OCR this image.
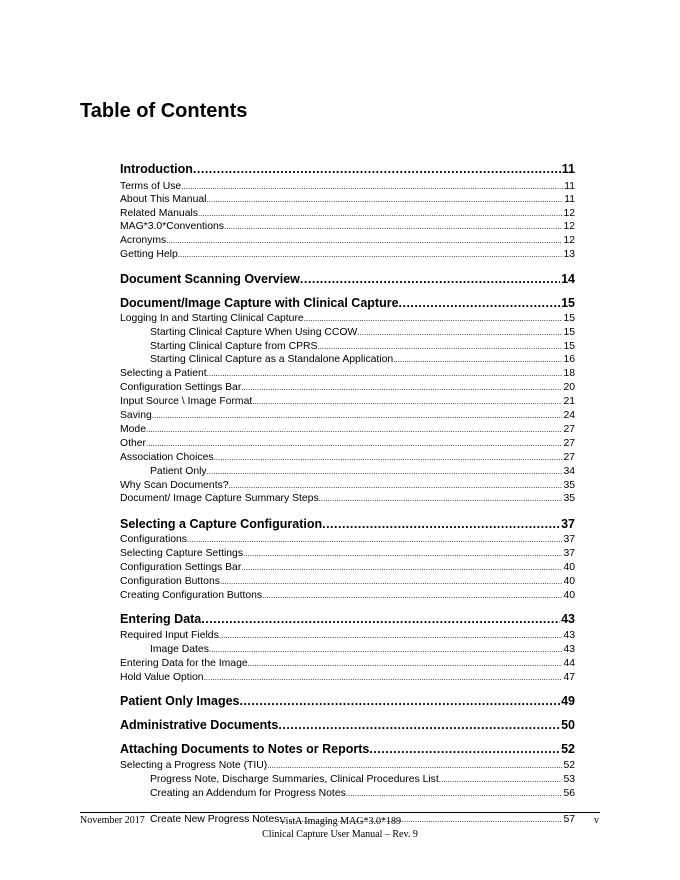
Table of Contents
Introduction .....	11
Terms of Use .....	11
About This Manual .....	11
Related Manuals .....	12
MAG*3.0*Conventions .....	12
Acronyms .....	12
Getting Help .....	13
Document Scanning Overview .....	14
Document/Image Capture with Clinical Capture .....	15
Logging In and Starting Clinical Capture .....	15
Starting Clinical Capture When Using CCOW .....	15
Starting Clinical Capture from CPRS .....	15
Starting Clinical Capture as a Standalone Application .....	16
Selecting a Patient .....	18
Configuration Settings Bar .....	20
Input Source \ Image Format .....	21
Saving .....	24
Mode .....	27
Other .....	27
Association Choices .....	27
Patient Only .....	34
Why Scan Documents? .....	35
Document/ Image Capture Summary Steps .....	35
Selecting a Capture Configuration .....	37
Configurations .....	37
Selecting Capture Settings .....	37
Configuration Settings Bar .....	40
Configuration Buttons .....	40
Creating Configuration Buttons .....	40
Entering Data .....	43
Required Input Fields .....	43
Image Dates .....	43
Entering Data for the Image .....	44
Hold Value Option .....	47
Patient Only Images .....	49
Administrative Documents .....	50
Attaching Documents to Notes or Reports .....	52
Selecting a Progress Note (TIU) .....	52
Progress Note, Discharge Summaries, Clinical Procedures List .....	53
Creating an Addendum for Progress Notes .....	56
Create New Progress Notes .....	57
November 2017	VistA Imaging MAG*3.0*189
Clinical Capture User Manual – Rev. 9
v
